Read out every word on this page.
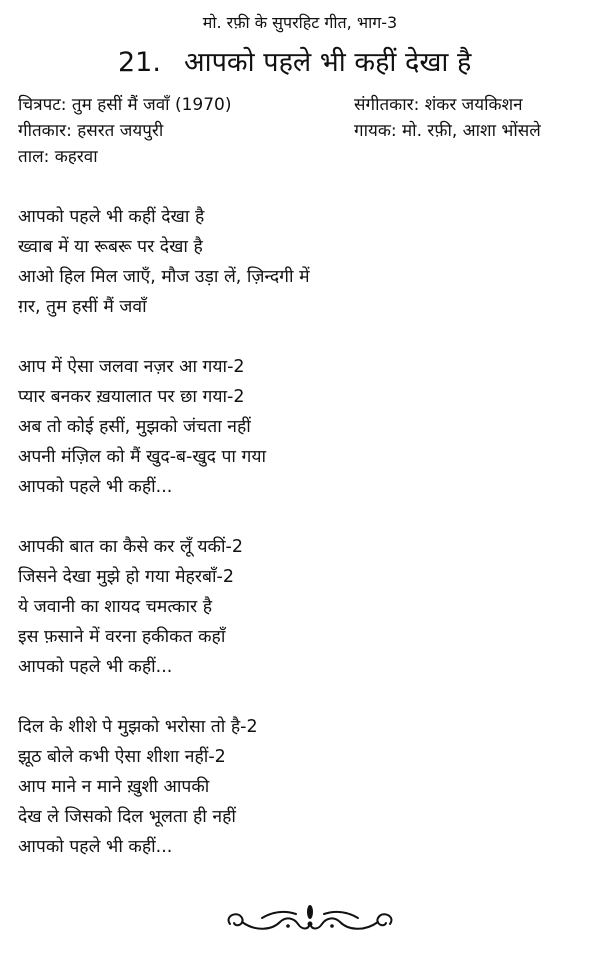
मो. रफ़ी के सुपरहिट गीत, भाग-3
21. आपको पहले भी कहीं देखा है
चित्रपट: तुम हसीं मैं जवाँ (1970)
गीतकार: हसरत जयपुरी
ताल: कहरवा
संगीतकार: शंकर जयकिशन
गायक: मो. रफ़ी, आशा भोंसले
आपको पहले भी कहीं देखा है
ख्वाब में या रूबरू पर देखा है
आओ हिल मिल जाएँ, मौज उड़ा लें, ज़िन्दगी में
ग़र, तुम हसीं मैं जवाँ
आप में ऐसा जलवा नज़र आ गया-2
प्यार बनकर ख़यालात पर छा गया-2
अब तो कोई हसीं, मुझको जंचता नहीं
अपनी मंज़िल को मैं खुद-ब-खुद पा गया
आपको पहले भी कहीं...
आपकी बात का कैसे कर लूँ यकीं-2
जिसने देखा मुझे हो गया मेहरबाँ-2
ये जवानी का शायद चमत्कार है
इस फ़साने में वरना हकीकत कहाँ
आपको पहले भी कहीं...
दिल के शीशे पे मुझको भरोसा तो है-2
झूठ बोले कभी ऐसा शीशा नहीं-2
आप माने न माने ख़ुशी आपकी
देख ले जिसको दिल भूलता ही नहीं
आपको पहले भी कहीं...
